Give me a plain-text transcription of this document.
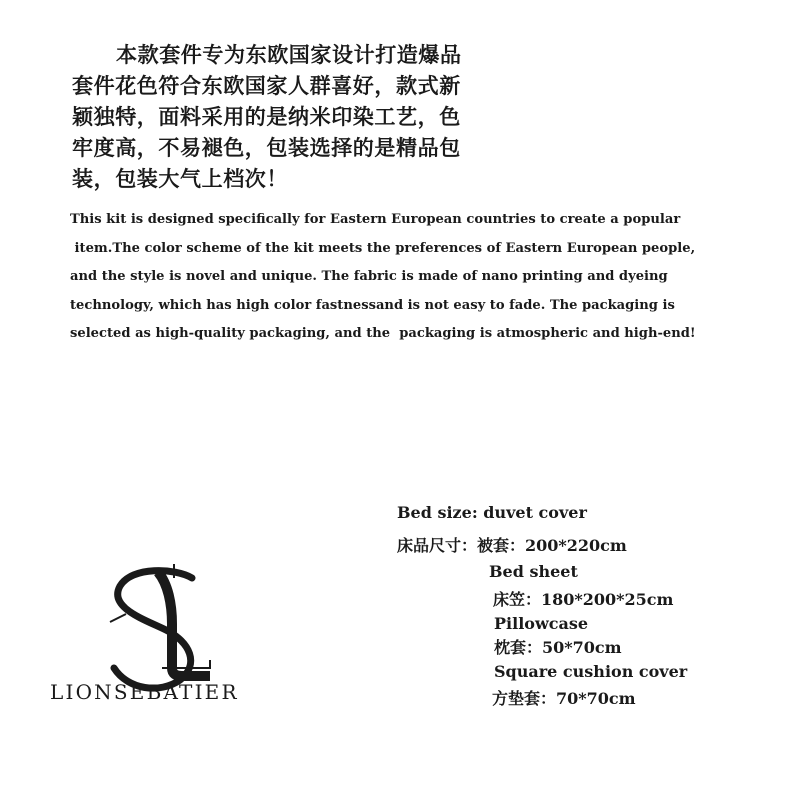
本款套件专为东欧国家设计打造爆品
套件花色符合东欧国家人群喜好，款式新
颖独特，面料采用的是纳米印染工艺，色
牢度高，不易褪色，包装选择的是精品包
装，包装大气上档次！
This kit is designed specifically for Eastern European countries to create a popular
item.The color scheme of the kit meets the preferences of Eastern European people,
and the style is novel and unique. The fabric is made of nano printing and dyeing
technology, which has high color fastnessand is not easy to fade. The packaging is
selected as high-quality packaging, and the  packaging is atmospheric and high-end!
Bed size: duvet cover
床品尺寸：被套：200*220cm
Bed sheet
床笠：180*200*25cm
Pillowcase
枕套：50*70cm
Square cushion cover
方垫套：70*70cm
LIONSEBATIER
